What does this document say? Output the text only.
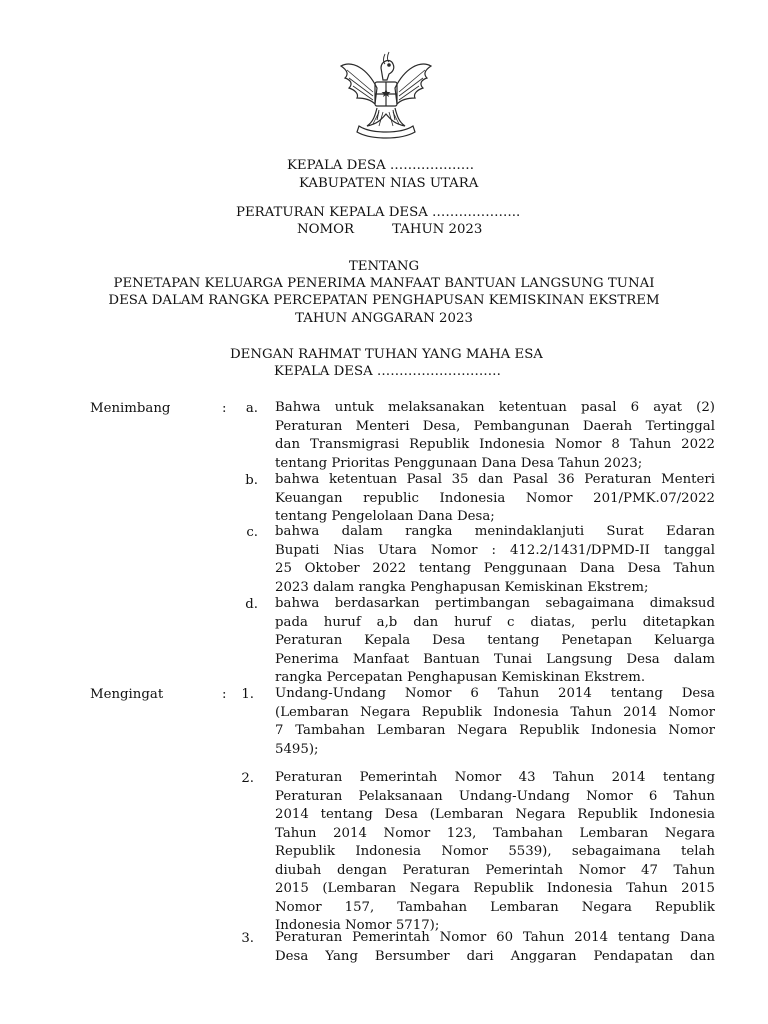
KEPALA DESA ……………….
KABUPATEN NIAS UTARA
PERATURAN KEPALA DESA ………………..
NOMOR         TAHUN 2023
TENTANG
PENETAPAN KELUARGA PENERIMA MANFAAT BANTUAN LANGSUNG TUNAI
DESA DALAM RANGKA PERCEPATAN PENGHAPUSAN KEMISKINAN EKSTREM
TAHUN ANGGARAN 2023
DENGAN RAHMAT TUHAN YANG MAHA ESA
KEPALA DESA ……………………….
Menimbang	:	a. Bahwa untuk melaksanakan ketentuan pasal 6 ayat (2)
Peraturan Menteri Desa, Pembangunan Daerah Tertinggal
dan Transmigrasi Republik Indonesia Nomor 8 Tahun 2022
tentang Prioritas Penggunaan Dana Desa Tahun 2023;
b. bahwa ketentuan Pasal 35 dan Pasal 36 Peraturan Menteri
Keuangan republic Indonesia Nomor 201/PMK.07/2022
tentang Pengelolaan Dana Desa;
c. bahwa dalam rangka menindaklanjuti Surat Edaran
Bupati Nias Utara Nomor : 412.2/1431/DPMD-II tanggal
25 Oktober 2022 tentang Penggunaan Dana Desa Tahun
2023 dalam rangka Penghapusan Kemiskinan Ekstrem;
d. bahwa berdasarkan pertimbangan sebagaimana dimaksud
pada huruf a,b dan huruf c diatas, perlu ditetapkan
Peraturan Kepala Desa tentang Penetapan Keluarga
Penerima Manfaat Bantuan Tunai Langsung Desa dalam
rangka Percepatan Penghapusan Kemiskinan Ekstrem.
Mengingat	:	1. Undang-Undang Nomor 6 Tahun 2014 tentang Desa
(Lembaran Negara Republik Indonesia Tahun 2014 Nomor
7 Tambahan Lembaran Negara Republik Indonesia Nomor
5495);
2. Peraturan Pemerintah Nomor 43 Tahun 2014 tentang
Peraturan Pelaksanaan Undang-Undang Nomor 6 Tahun
2014 tentang Desa (Lembaran Negara Republik Indonesia
Tahun 2014 Nomor 123, Tambahan Lembaran Negara
Republik Indonesia Nomor 5539), sebagaimana telah
diubah dengan Peraturan Pemerintah Nomor 47 Tahun
2015 (Lembaran Negara Republik Indonesia Tahun 2015
Nomor 157, Tambahan Lembaran Negara Republik
Indonesia Nomor 5717);
3. Peraturan Pemerintah Nomor 60 Tahun 2014 tentang Dana
Desa Yang Bersumber dari Anggaran Pendapatan dan
